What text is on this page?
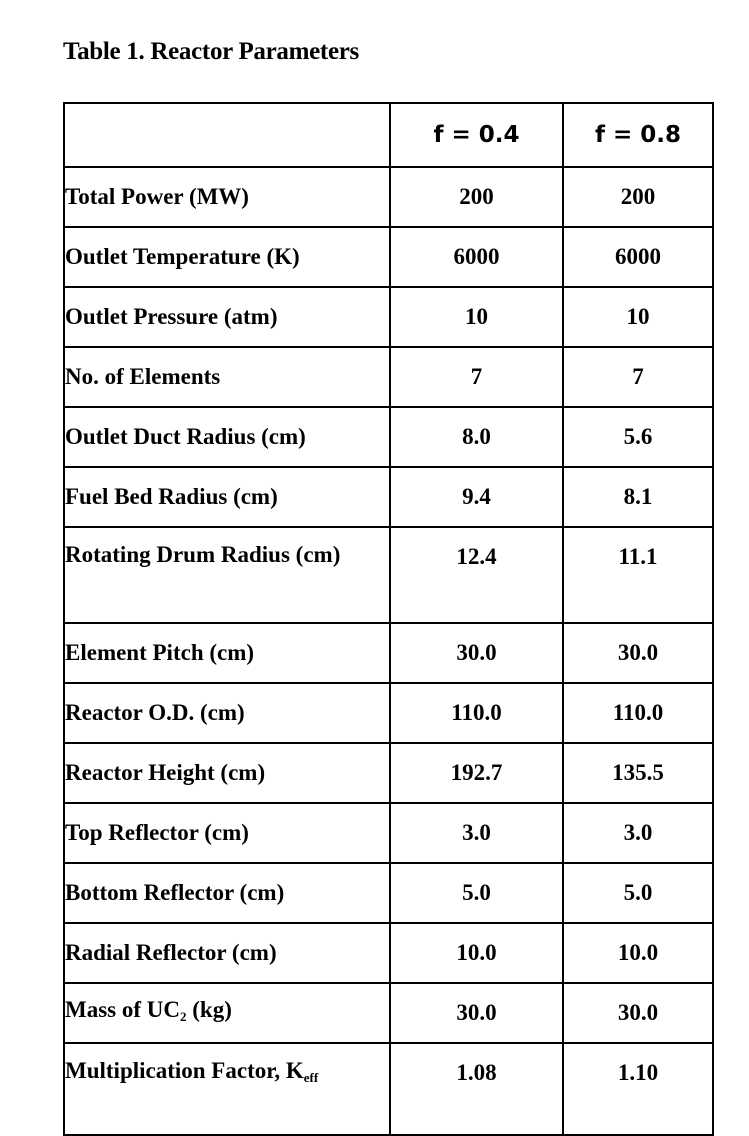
Table 1. Reactor Parameters
	f = 0.4	f = 0.8
Total Power (MW)	200	200
Outlet Temperature (K)	6000	6000
Outlet Pressure (atm)	10	10
No. of Elements	7	7
Outlet Duct Radius (cm)	8.0	5.6
Fuel Bed Radius (cm)	9.4	8.1
Rotating Drum Radius (cm)	12.4	11.1
Element Pitch (cm)	30.0	30.0
Reactor O.D. (cm)	110.0	110.0
Reactor Height (cm)	192.7	135.5
Top Reflector (cm)	3.0	3.0
Bottom Reflector (cm)	5.0	5.0
Radial Reflector (cm)	10.0	10.0
Mass of $UC_2$ (kg)	30.0	30.0
Multiplication Factor, $K_{eff}$	1.08	1.10
